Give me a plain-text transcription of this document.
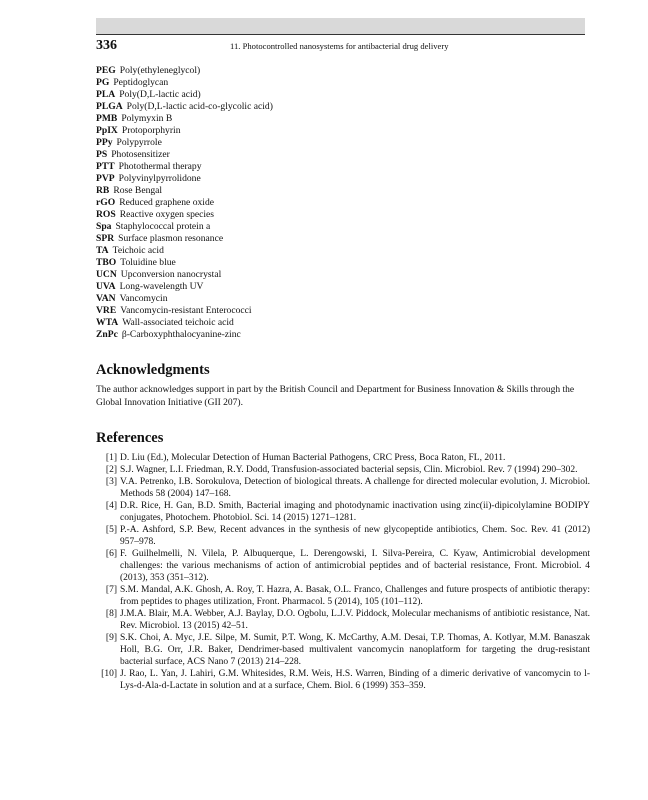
336	11. Photocontrolled nanosystems for antibacterial drug delivery
PEG Poly(ethyleneglycol)
PG Peptidoglycan
PLA Poly(D,L-lactic acid)
PLGA Poly(D,L-lactic acid-co-glycolic acid)
PMB Polymyxin B
PpIX Protoporphyrin
PPy Polypyrrole
PS Photosensitizer
PTT Photothermal therapy
PVP Polyvinylpyrrolidone
RB Rose Bengal
rGO Reduced graphene oxide
ROS Reactive oxygen species
Spa Staphylococcal protein a
SPR Surface plasmon resonance
TA Teichoic acid
TBO Toluidine blue
UCN Upconversion nanocrystal
UVA Long-wavelength UV
VAN Vancomycin
VRE Vancomycin-resistant Enterococci
WTA Wall-associated teichoic acid
ZnPc β-Carboxyphthalocyanine-zinc
Acknowledgments
The author acknowledges support in part by the British Council and Department for Business Innovation & Skills through the Global Innovation Initiative (GII 207).
References
[1] D. Liu (Ed.), Molecular Detection of Human Bacterial Pathogens, CRC Press, Boca Raton, FL, 2011.
[2] S.J. Wagner, L.I. Friedman, R.Y. Dodd, Transfusion-associated bacterial sepsis, Clin. Microbiol. Rev. 7 (1994) 290–302.
[3] V.A. Petrenko, I.B. Sorokulova, Detection of biological threats. A challenge for directed molecular evolution, J. Microbiol. Methods 58 (2004) 147–168.
[4] D.R. Rice, H. Gan, B.D. Smith, Bacterial imaging and photodynamic inactivation using zinc(ii)-dipicolylamine BODIPY conjugates, Photochem. Photobiol. Sci. 14 (2015) 1271–1281.
[5] P.-A. Ashford, S.P. Bew, Recent advances in the synthesis of new glycopeptide antibiotics, Chem. Soc. Rev. 41 (2012) 957–978.
[6] F. Guilhelmelli, N. Vilela, P. Albuquerque, L. Derengowski, I. Silva-Pereira, C. Kyaw, Antimicrobial development challenges: the various mechanisms of action of antimicrobial peptides and of bacterial resistance, Front. Microbiol. 4 (2013), 353 (351–312).
[7] S.M. Mandal, A.K. Ghosh, A. Roy, T. Hazra, A. Basak, O.L. Franco, Challenges and future prospects of antibiotic therapy: from peptides to phages utilization, Front. Pharmacol. 5 (2014), 105 (101–112).
[8] J.M.A. Blair, M.A. Webber, A.J. Baylay, D.O. Ogbolu, L.J.V. Piddock, Molecular mechanisms of antibiotic resistance, Nat. Rev. Microbiol. 13 (2015) 42–51.
[9] S.K. Choi, A. Myc, J.E. Silpe, M. Sumit, P.T. Wong, K. McCarthy, A.M. Desai, T.P. Thomas, A. Kotlyar, M.M. Banaszak Holl, B.G. Orr, J.R. Baker, Dendrimer-based multivalent vancomycin nanoplatform for targeting the drug-resistant bacterial surface, ACS Nano 7 (2013) 214–228.
[10] J. Rao, L. Yan, J. Lahiri, G.M. Whitesides, R.M. Weis, H.S. Warren, Binding of a dimeric derivative of vancomycin to l-Lys-d-Ala-d-Lactate in solution and at a surface, Chem. Biol. 6 (1999) 353–359.
